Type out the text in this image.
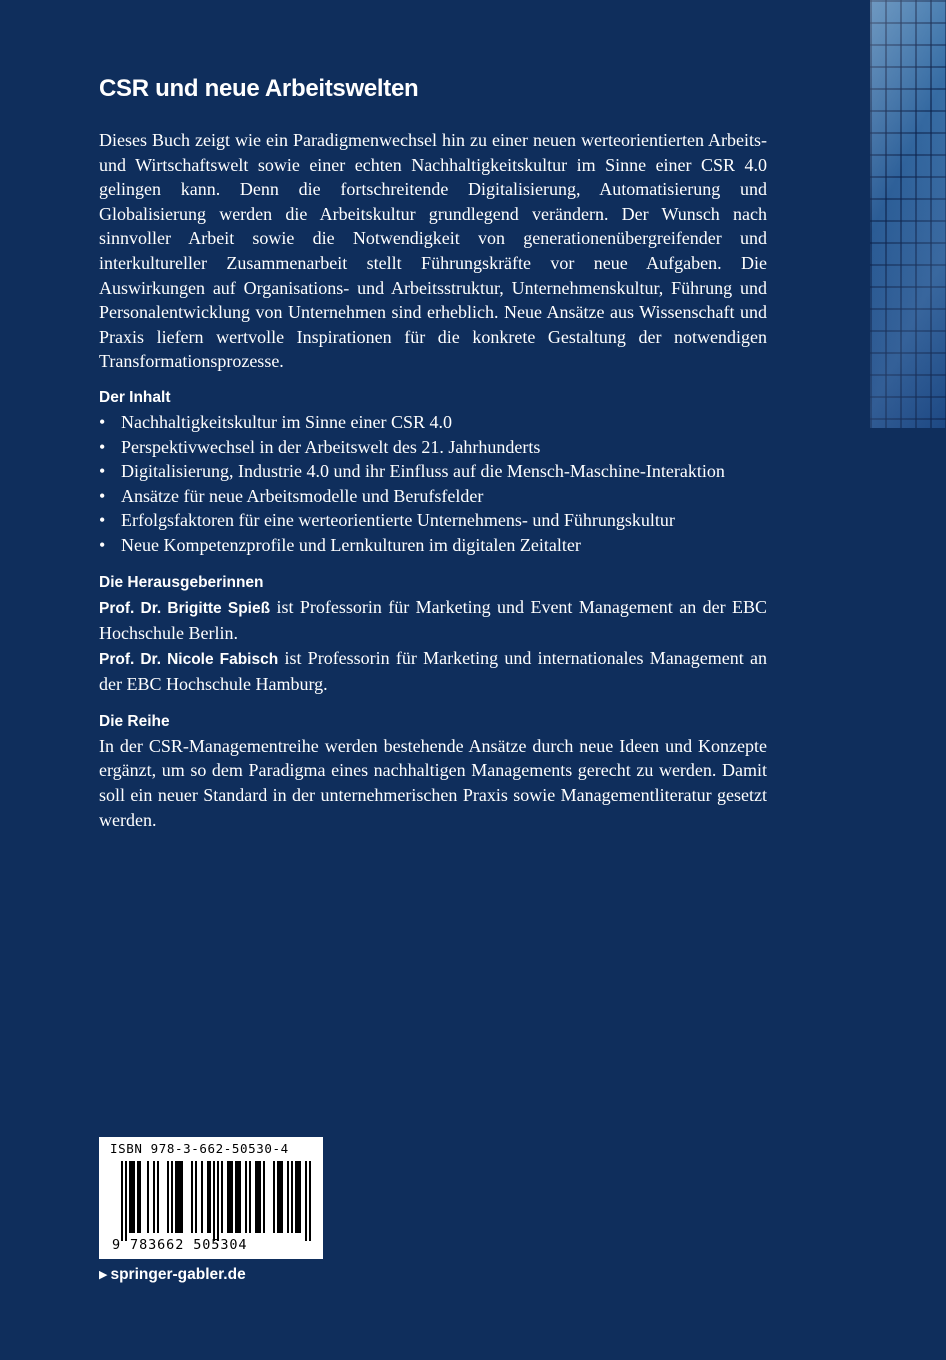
CSR und neue Arbeitswelten

Dieses Buch zeigt wie ein Paradigmenwechsel hin zu einer neuen werteorientierten Arbeits- und Wirtschaftswelt sowie einer echten Nachhaltigkeitskultur im Sinne einer CSR 4.0 gelingen kann. Denn die fortschreitende Digitalisierung, Automatisierung und Globalisierung werden die Arbeitskultur grundlegend verändern. Der Wunsch nach sinnvoller Arbeit sowie die Notwendigkeit von generationenübergreifender und interkultureller Zusammenarbeit stellt Führungskräfte vor neue Aufgaben. Die Auswirkungen auf Organisations- und Arbeitsstruktur, Unternehmenskultur, Führung und Personalentwicklung von Unternehmen sind erheblich. Neue Ansätze aus Wissenschaft und Praxis liefern wertvolle Inspirationen für die konkrete Gestaltung der notwendigen Transformationsprozesse.

Der Inhalt
• Nachhaltigkeitskultur im Sinne einer CSR 4.0
• Perspektivwechsel in der Arbeitswelt des 21. Jahrhunderts
• Digitalisierung, Industrie 4.0 und ihr Einfluss auf die Mensch-Maschine-Interaktion
• Ansätze für neue Arbeitsmodelle und Berufsfelder
• Erfolgsfaktoren für eine werteorientierte Unternehmens- und Führungskultur
• Neue Kompetenzprofile und Lernkulturen im digitalen Zeitalter
Die Herausgeberinnen

Prof. Dr. Brigitte Spieß ist Professorin für Marketing und Event Management an der EBC Hochschule Berlin.

Prof. Dr. Nicole Fabisch ist Professorin für Marketing und internationales Management an der EBC Hochschule Hamburg.

Die Reihe

In der CSR-Managementreihe werden bestehende Ansätze durch neue Ideen und Konzepte ergänzt, um so dem Paradigma eines nachhaltigen Managements gerecht zu werden. Damit soll ein neuer Standard in der unternehmerischen Praxis sowie Managementliteratur gesetzt werden.

ISBN 978-3-662-50530-4
9 783662 505304
▶ springer-gabler.de
